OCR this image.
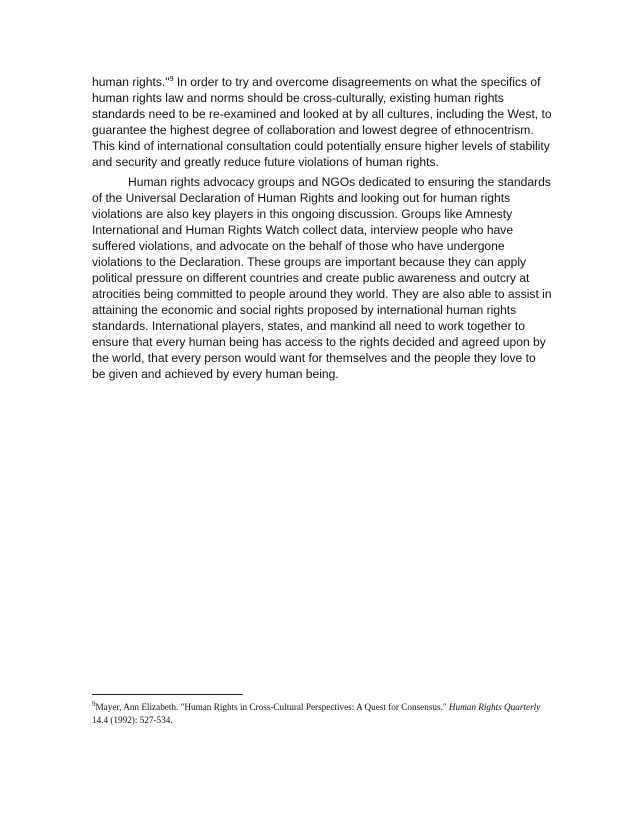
human rights."$^9$ In order to try and overcome disagreements on what the specifics of human rights law and norms should be cross-culturally, existing human rights standards need to be re-examined and looked at by all cultures, including the West, to guarantee the highest degree of collaboration and lowest degree of ethnocentrism. This kind of international consultation could potentially ensure higher levels of stability and security and greatly reduce future violations of human rights.

Human rights advocacy groups and NGOs dedicated to ensuring the standards of the Universal Declaration of Human Rights and looking out for human rights violations are also key players in this ongoing discussion. Groups like Amnesty International and Human Rights Watch collect data, interview people who have suffered violations, and advocate on the behalf of those who have undergone violations to the Declaration. These groups are important because they can apply political pressure on different countries and create public awareness and outcry at atrocities being committed to people around they world. They are also able to assist in attaining the economic and social rights proposed by international human rights standards. International players, states, and mankind all need to work together to ensure that every human being has access to the rights decided and agreed upon by the world, that every person would want for themselves and the people they love to be given and achieved by every human being.

$^9$Mayer, Ann Elizabeth. "Human Rights in Cross-Cultural Perspectives: A Quest for Consensus." Human Rights Quarterly 14.4 (1992): 527-534.
